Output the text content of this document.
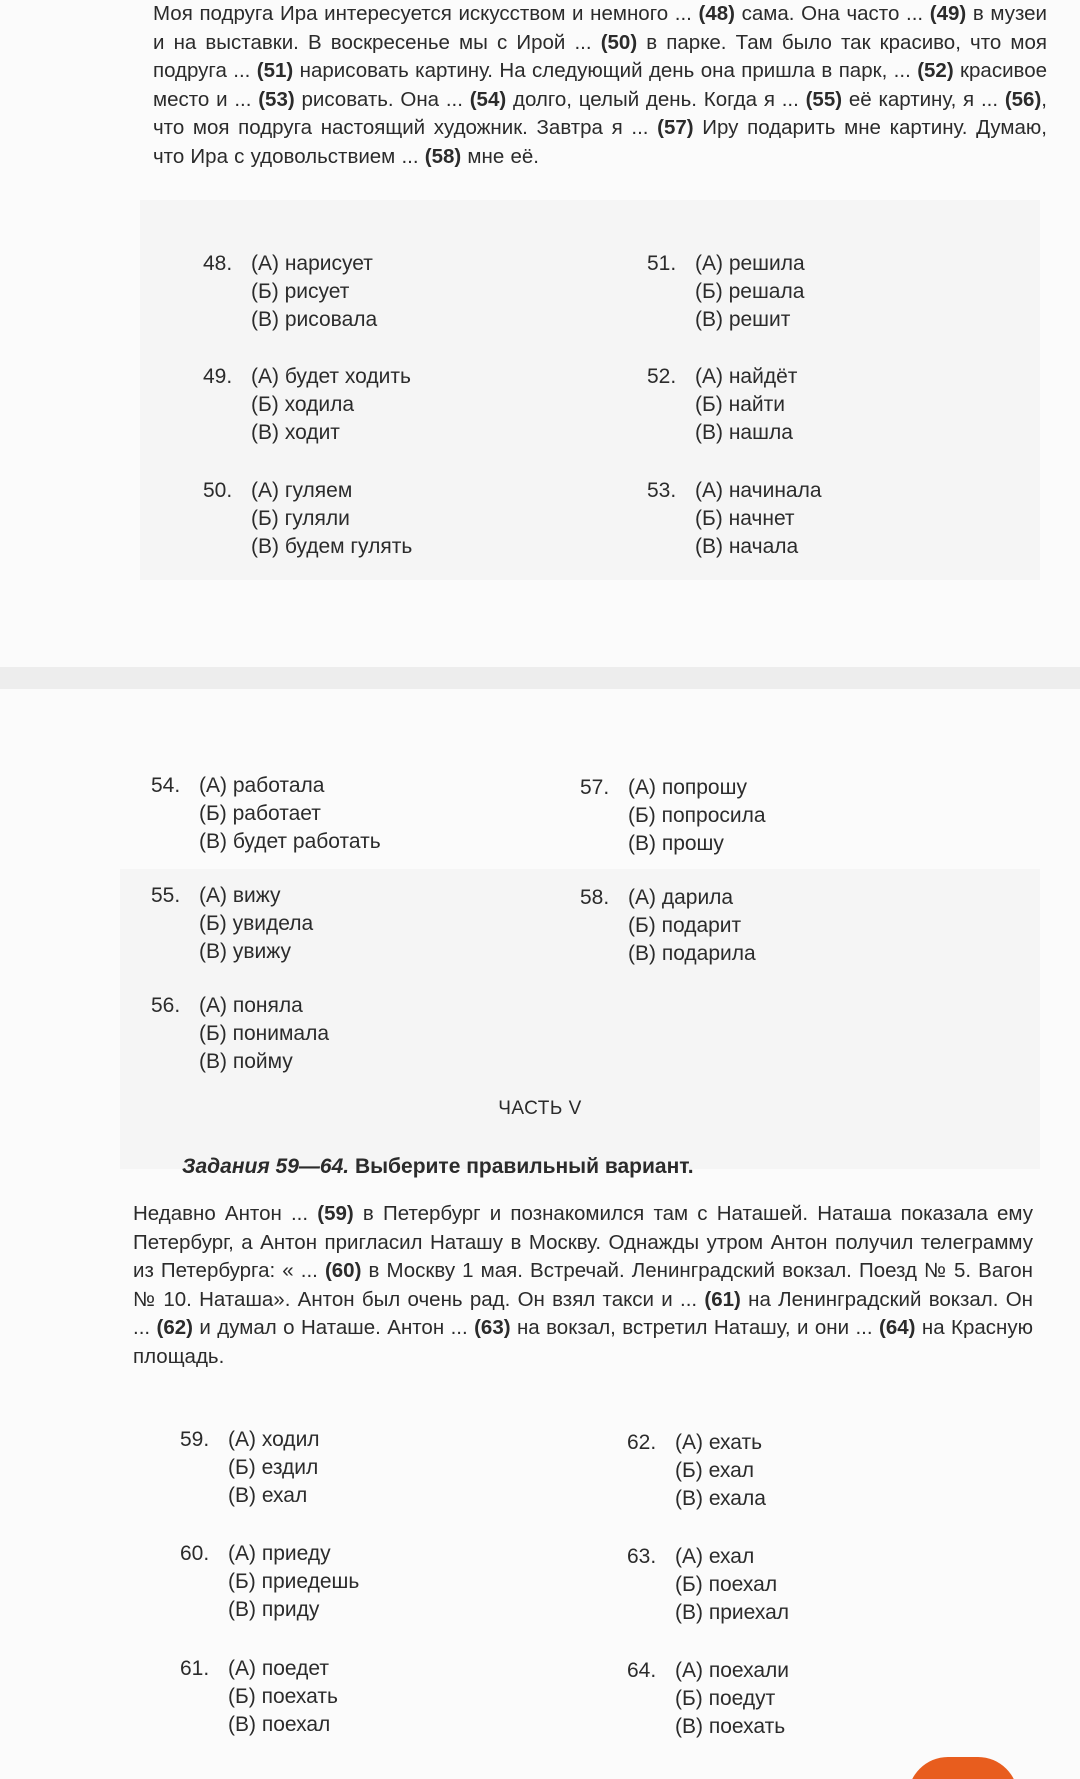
Моя подруга Ира интересуется искусством и немного ... (48) сама. Она часто ... (49) в музеи и на выставки. В воскресенье мы с Ирой ... (50) в парке. Там было так красиво, что моя подруга ... (51) нарисовать картину. На следующий день она пришла в парк, ... (52) красивое место и ... (53) рисовать. Она ... (54) долго, целый день. Когда я ... (55) её картину, я ... (56), что моя подруга настоящий художник. Завтра я ... (57) Иру подарить мне картину. Думаю, что Ира с удовольствием ... (58) мне её.

48. (А) нарисует
(Б) рисует
(В) рисовала
49. (А) будет ходить
(Б) ходила
(В) ходит
50. (А) гуляем
(Б) гуляли
(В) будем гулять
51. (А) решила
(Б) решала
(В) решит
52. (А) найдёт
(Б) найти
(В) нашла
53. (А) начинала
(Б) начнет
(В) начала
54. (А) работала
(Б) работает
(В) будет работать
55. (А) вижу
(Б) увидела
(В) увижу
56. (А) поняла
(Б) понимала
(В) пойму
57. (А) попрошу
(Б) попросила
(В) прошу
58. (А) дарила
(Б) подарит
(В) подарила
ЧАСТЬ V
Задания 59—64. Выберите правильный вариант.

Недавно Антон ... (59) в Петербург и познакомился там с Наташей. Наташа показала ему Петербург, а Антон пригласил Наташу в Москву. Однажды утром Антон получил телеграмму из Петербурга: « ... (60) в Москву 1 мая. Встречай. Ленинградский вокзал. Поезд № 5. Вагон № 10. Наташа». Антон был очень рад. Он взял такси и ... (61) на Ленинградский вокзал. Он ... (62) и думал о Наташе. Антон ... (63) на вокзал, встретил Наташу, и они ... (64) на Красную площадь.

59. (А) ходил
(Б) ездил
(В) ехал
60. (А) приеду
(Б) приедешь
(В) приду
61. (А) поедет
(Б) поехать
(В) поехал
62. (А) ехать
(Б) ехал
(В) ехала
63. (А) ехал
(Б) поехал
(В) приехал
64. (А) поехали
(Б) поедут
(В) поехать
